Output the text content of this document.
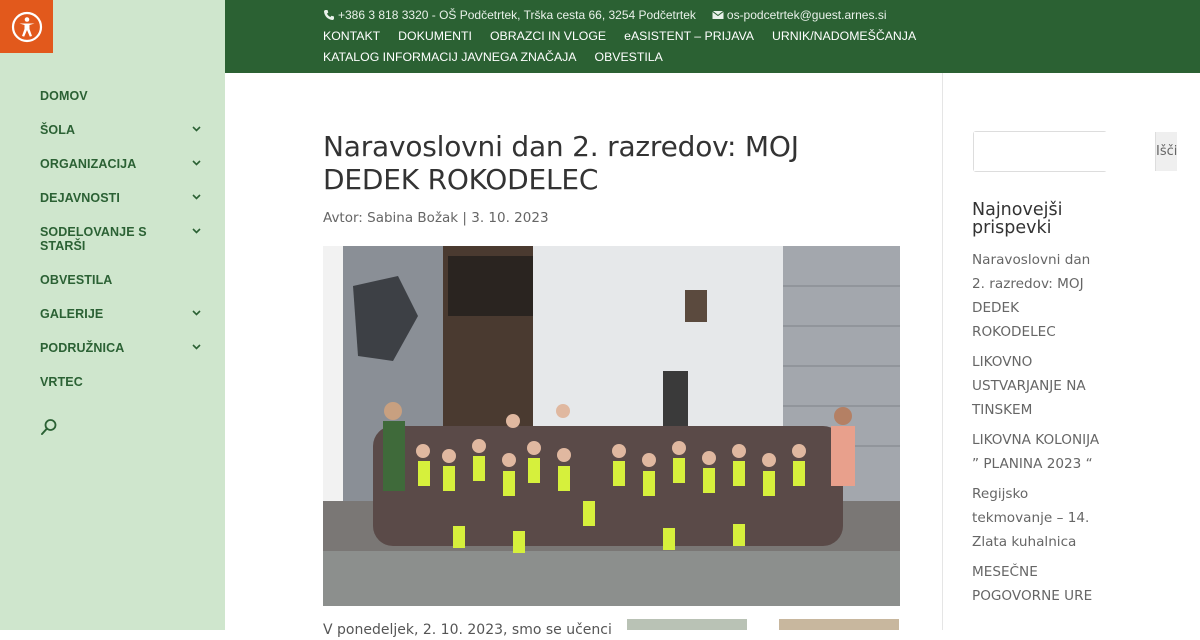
DOMOV
ŠOLA
ORGANIZACIJA
DEJAVNOSTI
SODELOVANJE S STARŠI
OBVESTILA
GALERIJE
PODRUŽNICA
VRTEC
+386 3 818 3320 - OŠ Podčetrtek, Trška cesta 66, 3254 Podčetrtek	os-podcetrtek@guest.arnes.si
KONTAKT DOKUMENTI OBRAZCI IN VLOGE eASISTENT – PRIJAVA URNIK/NADOMEŠČANJA
KATALOG INFORMACIJ JAVNEGA ZNAČAJA OBVESTILA
Naravoslovni dan 2. razredov: MOJ DEDEK ROKODELEC
Avtor: Sabina Božak | 3. 10. 2023
V ponedeljek, 2. 10. 2023, smo se učenci
Išči
Najnovejši prispevki
Naravoslovni dan 2. razredov: MOJ DEDEK ROKODELEC
LIKOVNO USTVARJANJE NA TINSKEM
LIKOVNA KOLONIJA ” PLANINA 2023 “
Regijsko tekmovanje – 14. Zlata kuhalnica
MESEČNE POGOVORNE URE
